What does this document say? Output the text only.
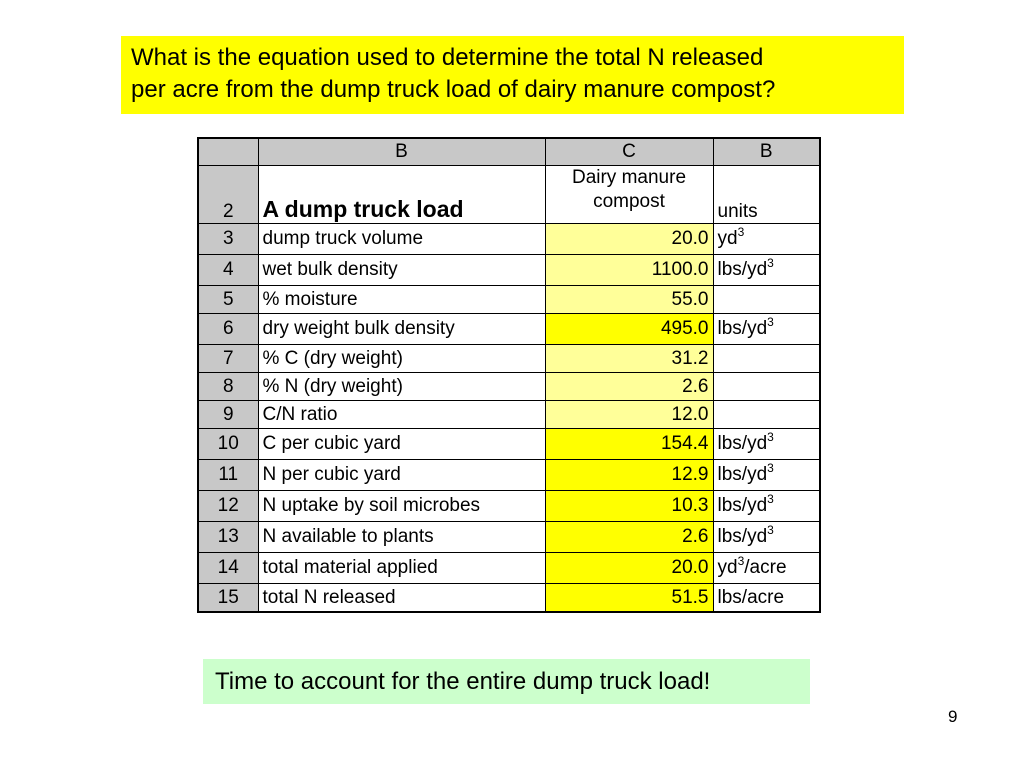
What is the equation used to determine the total N released
per acre from the dump truck load of dairy manure compost?
	B	C	B
2	A dump truck load	Dairy manure
compost	units
3	dump truck volume	20.0	$yd^3$
4	wet bulk density	1100.0	lbs/$yd^3$
5	% moisture	55.0	
6	dry weight bulk density	495.0	lbs/$yd^3$
7	% C (dry weight)	31.2	
8	% N (dry weight)	2.6	
9	C/N ratio	12.0	
10	C per cubic yard	154.4	lbs/$yd^3$
11	N per cubic yard	12.9	lbs/$yd^3$
12	N uptake by soil microbes	10.3	lbs/$yd^3$
13	N available to plants	2.6	lbs/$yd^3$
14	total material applied	20.0	$yd^3$/acre
15	total N released	51.5	lbs/acre
Time to account for the entire dump truck load!
9
